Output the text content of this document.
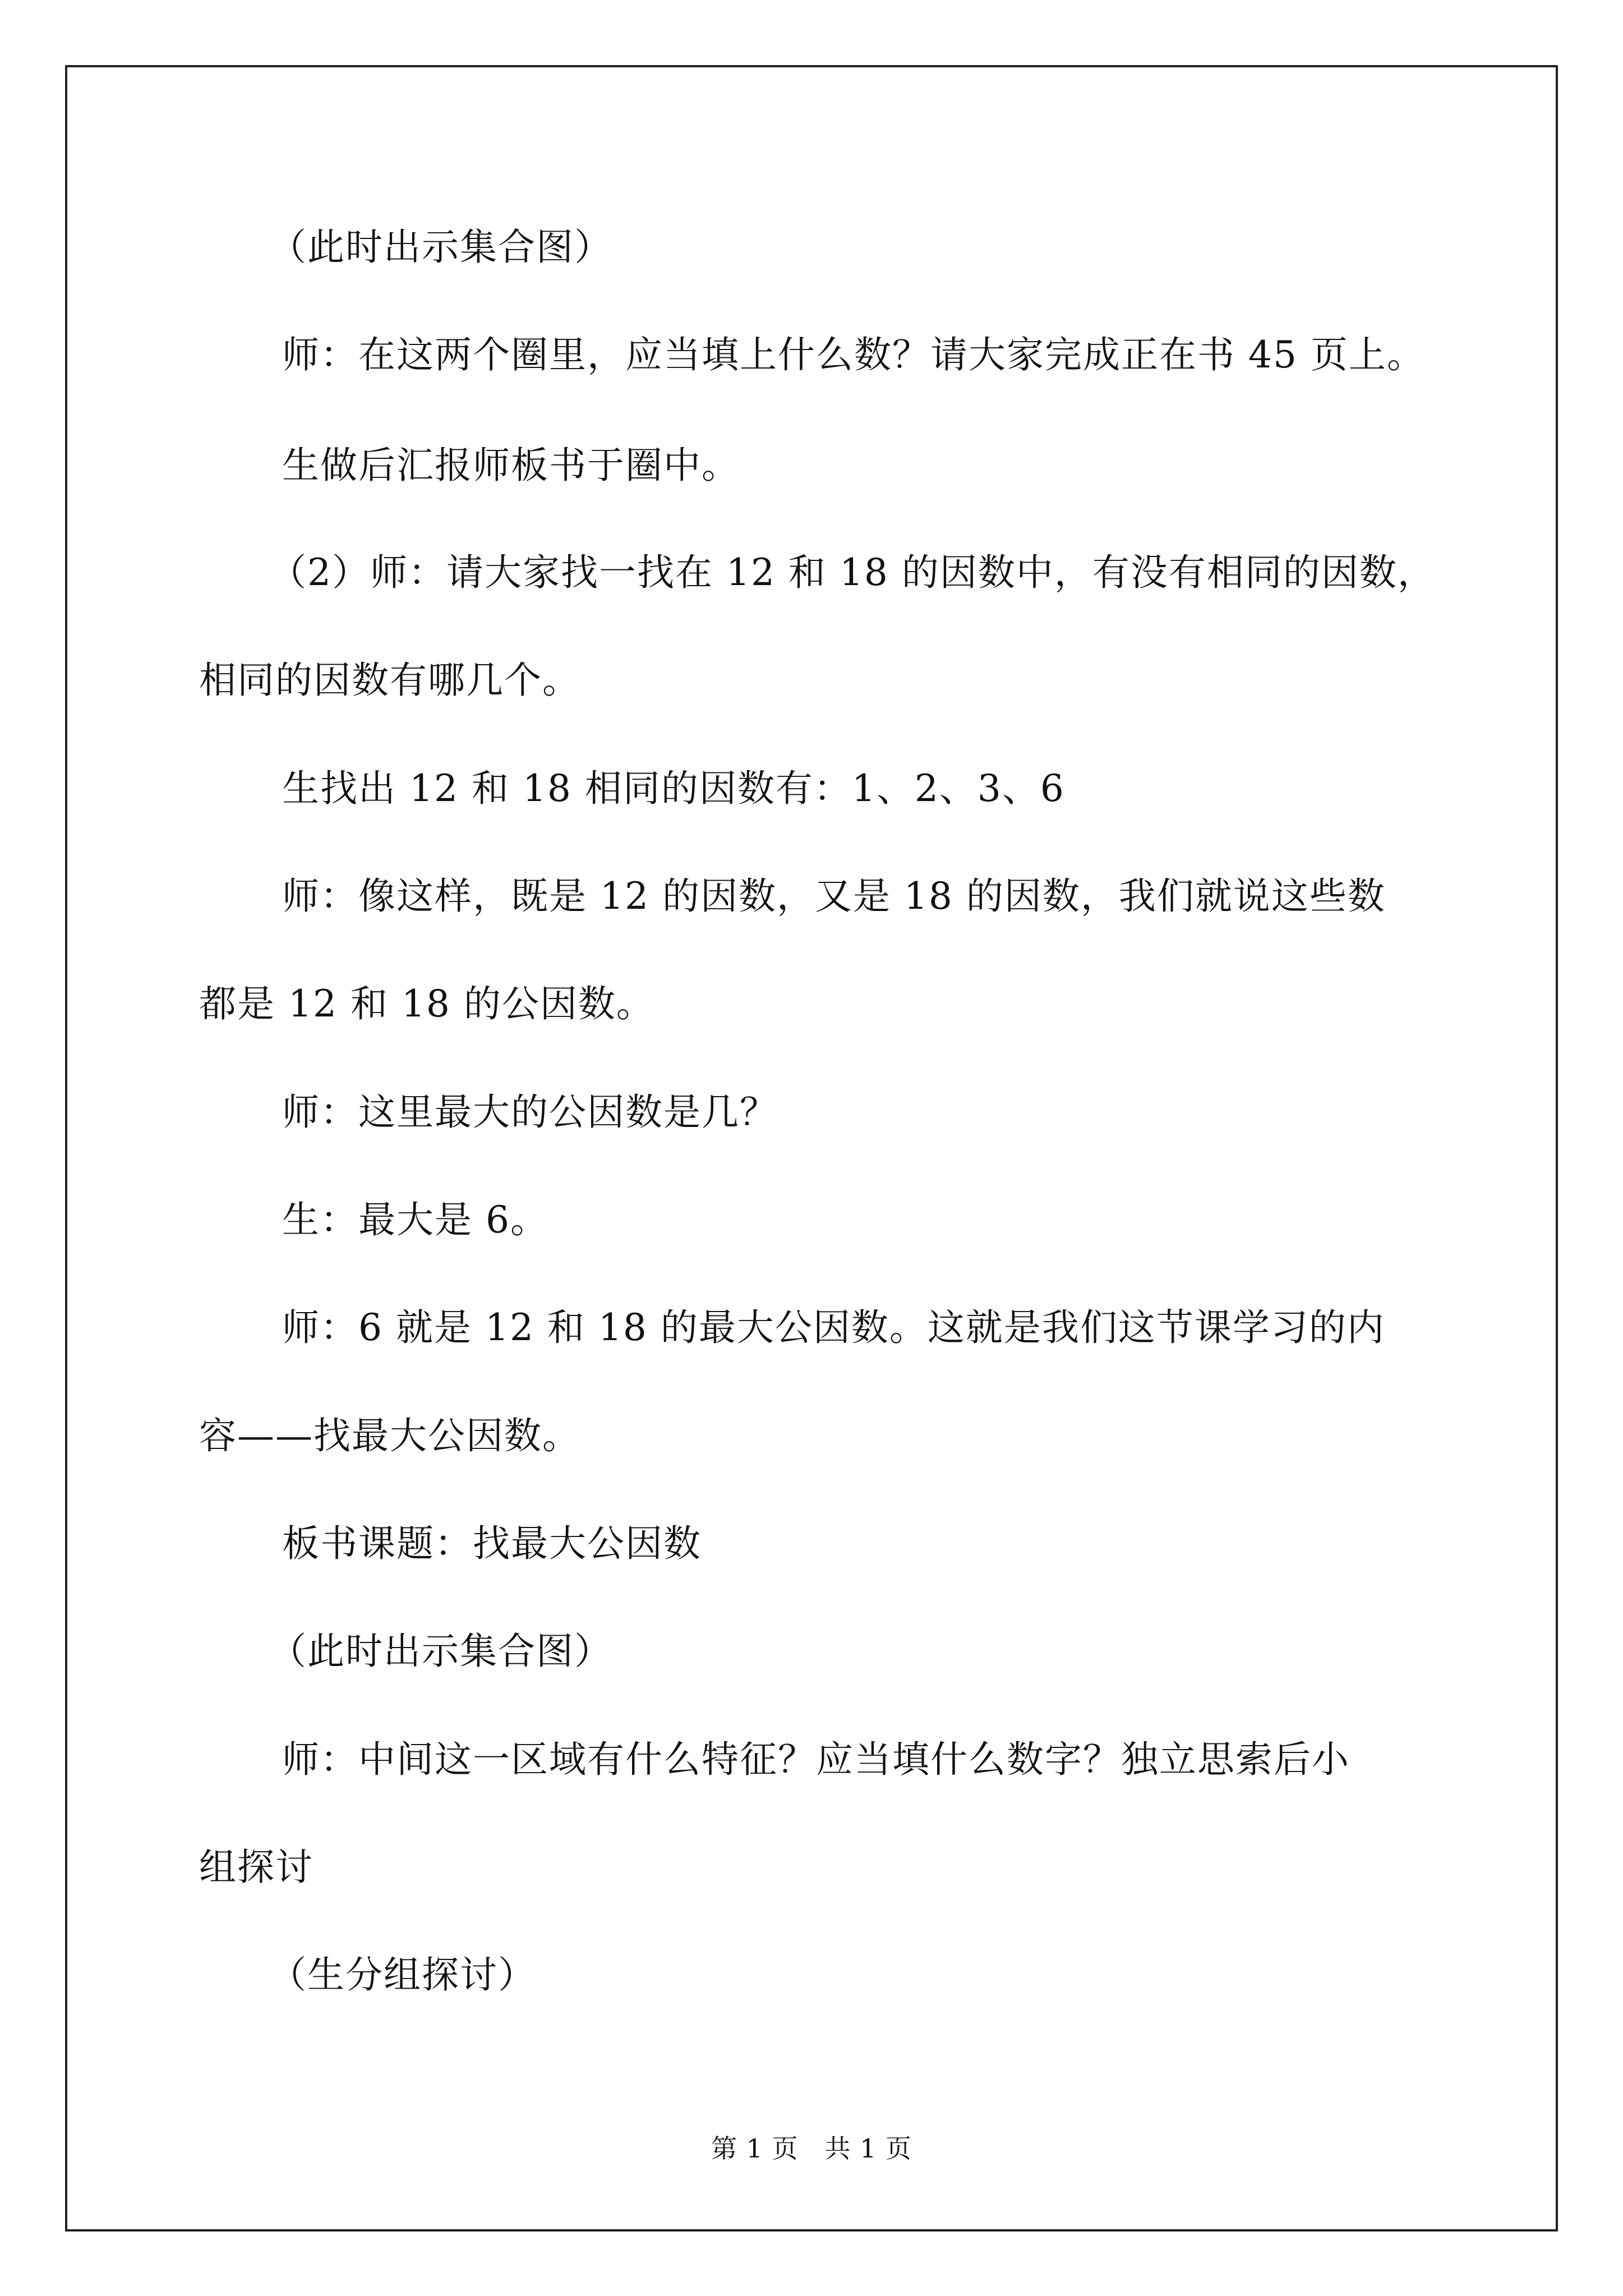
（此时出示集合图）
师：在这两个圈里，应当填上什么数？请大家完成正在书 45 页上。
生做后汇报师板书于圈中。
（2）师：请大家找一找在 12 和 18 的因数中，有没有相同的因数，
相同的因数有哪几个。
生找出 12 和 18 相同的因数有：1、2、3、6
师：像这样，既是 12 的因数，又是 18 的因数，我们就说这些数
都是 12 和 18 的公因数。
师：这里最大的公因数是几？
生：最大是 6。
师：6 就是 12 和 18 的最大公因数。这就是我们这节课学习的内
容——找最大公因数。
板书课题：找最大公因数
（此时出示集合图）
师：中间这一区域有什么特征？应当填什么数字？独立思索后小
组探讨
（生分组探讨）
第 1 页　共 1 页
